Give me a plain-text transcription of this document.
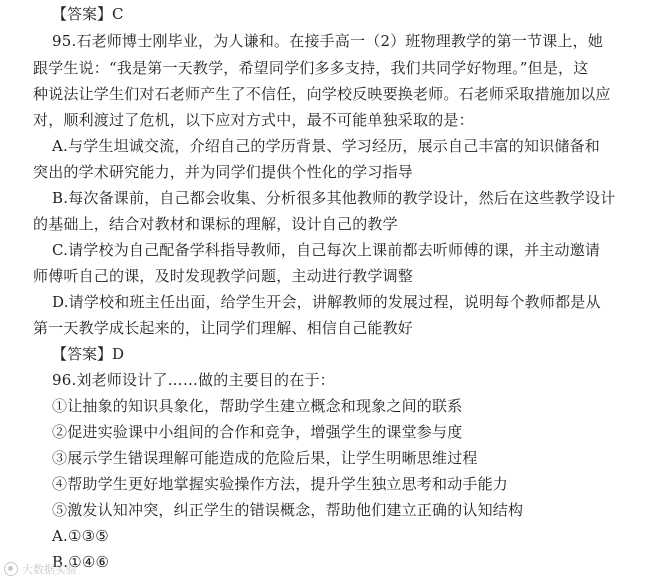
【答案】C
95.石老师博士刚毕业，为人谦和。在接手高一（2）班物理教学的第一节课上，她
跟学生说：“我是第一天教学，希望同学们多多支持，我们共同学好物理。”但是，这
种说法让学生们对石老师产生了不信任，向学校反映要换老师。石老师采取措施加以应
对，顺利渡过了危机，以下应对方式中，最不可能单独采取的是：
A.与学生坦诚交流，介绍自己的学历背景、学习经历，展示自己丰富的知识储备和
突出的学术研究能力，并为同学们提供个性化的学习指导
B.每次备课前，自己都会收集、分析很多其他教师的教学设计，然后在这些教学设计
的基础上，结合对教材和课标的理解，设计自己的教学
C.请学校为自己配备学科指导教师，自己每次上课前都去听师傅的课，并主动邀请
师傅听自己的课，及时发现教学问题，主动进行教学调整
D.请学校和班主任出面，给学生开会，讲解教师的发展过程，说明每个教师都是从
第一天教学成长起来的，让同学们理解、相信自己能教好
【答案】D
96.刘老师设计了……做的主要目的在于：
①让抽象的知识具象化，帮助学生建立概念和现象之间的联系
②促进实验课中小组间的合作和竞争，增强学生的课堂参与度
③展示学生错误理解可能造成的危险后果，让学生明晰思维过程
④帮助学生更好地掌握实验操作方法，提升学生独立思考和动手能力
⑤激发认知冲突，纠正学生的错误概念，帮助他们建立正确的认知结构
A.①③⑤
B.①④⑥
大数据实验
